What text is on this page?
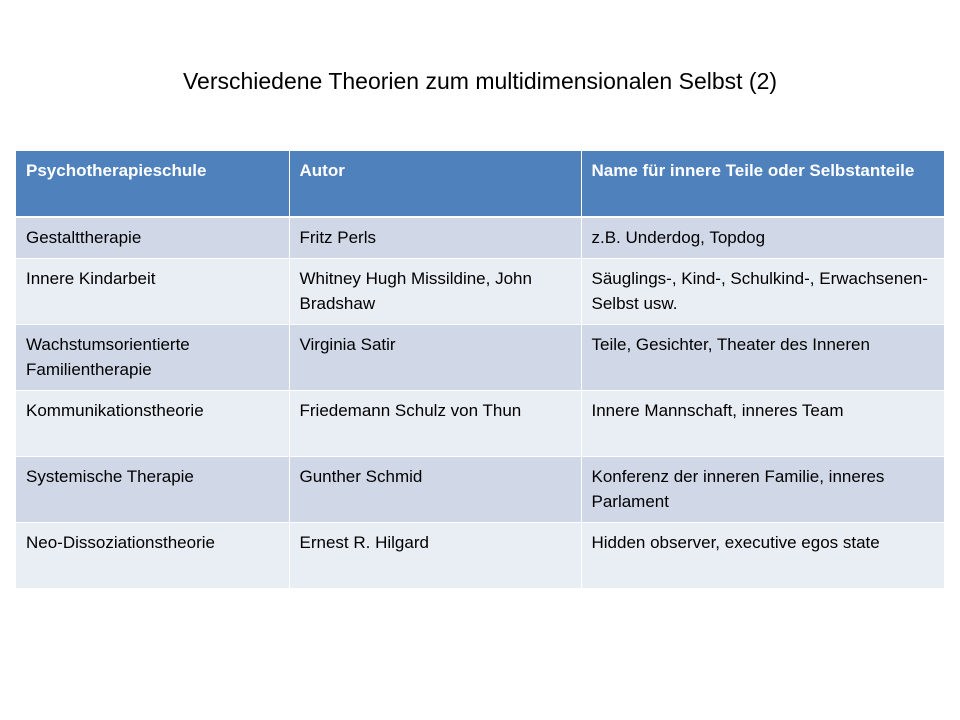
Verschiedene Theorien zum multidimensionalen Selbst (2)
Psychotherapieschule	Autor	Name für innere Teile oder Selbstanteile
Gestalttherapie	Fritz Perls	z.B. Underdog, Topdog
Innere Kindarbeit	Whitney Hugh Missildine, John Bradshaw	Säuglings-, Kind-, Schulkind-, Erwachsenen-Selbst usw.
Wachstumsorientierte Familientherapie	Virginia Satir	Teile, Gesichter, Theater des Inneren
Kommunikationstheorie	Friedemann Schulz von Thun	Innere Mannschaft, inneres Team
Systemische Therapie	Gunther Schmid	Konferenz der inneren Familie, inneres Parlament
Neo-Dissoziationstheorie	Ernest R. Hilgard	Hidden observer, executive egos state
